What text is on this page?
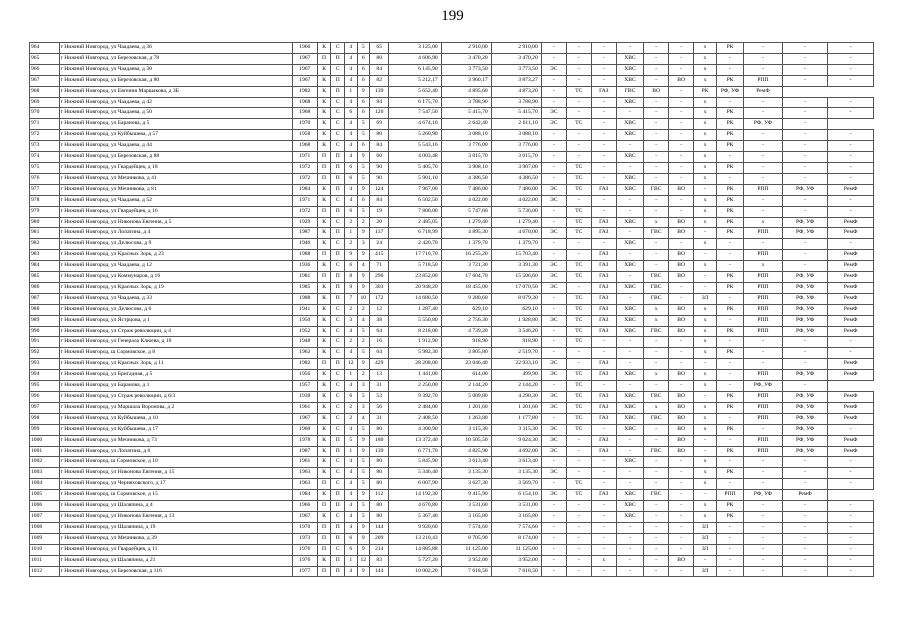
199
964	г Нижний Новгород, ул Чаадаева, д 36	1966	К	С	4	5	65	3 125,00	2 910,00	2 910,00	-	-	-	-	-	-	х	РК	-	-	-
965	г Нижний Новгород, ул Березовская, д 78	1967	П	П	4	6	80	4 606,90	3 470,20	3 470,20	-	-	-	ХВС	-	-	х	-	-	-	-
966	г Нижний Новгород, ул Чаадаева, д 30	1967	К	С	4	6	84	6 145,90	3 773,50	3 773,50	ЭС	-	-	ХВС	-	-	х	-	-	-	-
967	г Нижний Новгород, ул Березовская, д 80	1967	К	П	4	6	82	5 212,17	3 960,17	3 873,27	-	-	-	ХВС	-	ВО	х	РК	РПП	-	-
968	г Нижний Новгород, ул Евгения Маршакова, д 3Б	1982	К	П	1	9	139	5 652,40	4 895,60	4 873,20	-	ТС	ГАЗ	ГВС	ВО	-	РК	РФ, УФ	РемФ		
969	г Нижний Новгород, ул Чаадаева, д 42	1968	К	С	4	6	84	6 175,70	3 788,90	3 788,90	-	-	-	ХВС	-	-	х	-	-	-	-
970	г Нижний Новгород, ул Чаадаева, д 50	1968	К	С	6	6	120	7 547,50	5 415,70	5 415,70	ЭС	-	-	-	-	-	х	РК	-	-	-
971	г Нижний Новгород, ул Баранова, д 5	1970	К	С	4	5	69	4 674,10	2 642,40	2 611,10	ЭС	ТС	-	ХВС	-	-	х	РК	РФ, УФ	-	
972	г Нижний Новгород, ул Куйбышева, д 57	1958	К	С	4	5	80	5 260,90	3 088,10	3 088,10	-	-	-	ХВС	-	-	х	РК	-	-	-
973	г Нижний Новгород, ул Чаадаева, д 44	1968	К	С	4	6	84	5 543,16	3 776,00	3 776,00	-	-	-	-	-	-	х	РК	-	-	-
974	г Нижний Новгород, ул Березовская, д 88	1971	П	П	4	9	60	4 003,48	3 015,70	3 015,70	-	-	-	ХВС	-	-	х	-	-	-	-
975	г Нижний Новгород, ул Гвардейцев, д 18	1972	П	П	6	5	90	5 405,70	3 908,10	3 907,00	-	ТС	-	-	-	-	х	РК	-	-	-
976	г Нижний Новгород, ул Мечникова, д 41	1972	П	П	6	5	90	5 901,10	4 386,50	4 386,50	-	ТС	-	ХВС	-	-	х	-	-	-	-
977	г Нижний Новгород, ул Мечникова, д 81	1984	К	П	4	9	124	7 967,00	7 486,00	7 486,00	ЭС	ТС	ГАЗ	ХВС	ГВС	ВО	-	РК	РПП	РФ, УФ	РемФ
978	г Нижний Новгород, ул Чаадаева, д 52	1971	К	С	4	6	84	6 502,50	4 022,00	4 022,00	ЭС	-	-	-	-	-	х	РК	-	-	-
979	г Нижний Новгород, ул Гвардейцев, д 16	1972	П	П	6	5	19	7 800,00	5 747,60	5 736,00	-	ТС	-	-	-	-	х	РК	-	-	-
980	г Нижний Новгород, ул Никонова Евгения, д 5	1929	К	С	2	2	20	2 485,05	1 279,40	1 279,40	-	ТС	ГАЗ	ХВС	х	ВО	х	РК	х	РФ, УФ	РемФ
981	г Нижний Новгород, ул Лопатина, д 4	1987	К	П	1	9	137	6 718,99	4 895,30	4 670,00	ЭС	ТС	ГАЗ	-	ГВС	ВО	-	РК	РПП	РФ, УФ	РемФ
982	г Нижний Новгород, ул Делюсова, д 9	1946	К	С	2	3	24	2 420,70	1 379,70	1 379,70	-	-	-	ХВС	-	-	х	-	-	-	-
983	г Нижний Новгород, ул Красных Зорь, д 23	1988	П	П	9	9	415	17 710,70	16 255,20	15 703,40	-	-	ГАЗ	-	-	ВО	-	-	РПП	-	РемФ
984	г Нижний Новгород, ул Чаадаева, д 12	1936	К	С	6	4	71	5 718,50	3 721,30	3 391,30	ЭС	ТС	ГАЗ	ХВС	-	ВО	х	-	х	-	РемФ
985	г Нижний Новгород, ул Коммунаров, д 16	1981	П	П	8	9	290	23 852,00	17 604,70	15 506,60	ЭС	ТС	ГАЗ	-	ГВС	ВО	-	РК	РПП	РФ, УФ	РемФ
986	г Нижний Новгород, ул Красных Зорь, д 19	1985	К	П	9	9	303	20 948,20	18 455,00	17 070,50	ЭС	-	ГАЗ	ХВС	ГВС	-	-	РК	РПП	РФ, УФ	РемФ
987	г Нижний Новгород, ул Чаадаева, д 33	1988	К	П	7	10	172	14 680,50	9 280,60	8 079,30	-	ТС	ГАЗ	-	ГВС	-	ЗЛ	-	РПП	РФ, УФ	РемФ
988	г Нижний Новгород, ул Делюсова, д 6	1941	К	С	2	2	12	1 287,40	629,10	629,10	-	ТС	ГАЗ	ХВС	х	ВО	х	РК	РПП	РФ, УФ	РемФ
989	г Нижний Новгород, ул Ястрцова, д 1	1950	К	С	3	4	38	5 550,80	2 756,30	1 928,80	ЭС	ТС	ГАЗ	ХВС	х	ВО	х	-	РПП	РФ, УФ	РемФ
990	г Нижний Новгород, ул Страж революции, д 4	1952	К	С	4	5	64	8 218,00	4 739,20	3 546,20	-	ТС	ГАЗ	ХВС	ГВС	ВО	х	РК	РПП	РФ, УФ	РемФ
991	г Нижний Новгород, ул Генерала Клюева, д 10	1948	К	С	2	2	16	1 912,90	918,90	918,90	-	ТС	-	-	-	-	х	-	-	-	-
992	г Нижний Новгород, ш Сормовское, д 8	1962	К	С	4	5	64	5 982,30	3 805,80	2 519,70	-	-	-	-	-	-	х	РК	-	-	-
993	г Нижний Новгород, ул Красных Зорь, д 11	1982	П	П	12	9	429	28 208,00	23 046,40	22 933,10	ЭС	-	ГАЗ	-	-	-	-	-	-	-	РемФ
994	г Нижний Новгород, ул Бригадная, д 5	1956	К	С	1	2	13	1 441,00	614,00	499,90	ЭС	ТС	ГАЗ	ХВС	х	ВО	х	-	РПП	РФ, УФ	РемФ
995	г Нижний Новгород, ул Баранова, д 1	1957	К	С	4	3	31	2 250,00	2 144,20	2 144,20	-	ТС	-	-	-	-	х	-	РФ, УФ	-	
996	г Нижний Новгород, ул Страж революции, д 6/3	1938	К	С	6	5	53	9 392,70	5 009,80	4 290,30	ЭС	ТС	ГАЗ	ХВС	ГВС	ВО	-	РК	РПП	РФ, УФ	РемФ
997	г Нижний Новгород, ул Маршала Воронова, д 2	1961	К	С	2	3	56	2 484,00	1 201,60	1 201,60	ЭС	ТС	ГАЗ	ХВС	х	ВО	х	РК	РПП	РФ, УФ	РемФ
998	г Нижний Новгород, ул Куйбышева, д 10	1967	К	С	2	4	31	2 408,50	1 263,80	1 177,80	-	ТС	ГАЗ	ХВС	ГВС	ВО	х	-	РПП	РФ, УФ	РемФ
999	г Нижний Новгород, ул Куйбышева, д 17	1960	К	С	4	5	80	4 300,90	3 115,30	3 115,30	ЭС	ТС	-	ХВС	-	ВО	х	РК	-	РФ, УФ	-
1000	г Нижний Новгород, ул Мечникова, д 73	1978	К	П	5	9	180	13 372,40	10 505,50	9 024,30	ЭС	-	ГАЗ	-	-	ВО	-	-	РПП	РФ, УФ	РемФ
1001	г Нижний Новгород, ул Лопатина, д 6	1987	К	П	1	9	139	6 771,70	4 825,90	4 692,00	ЭС	-	ГАЗ	-	ГВС	ВО	-	РК	РПП	РФ, УФ	РемФ
1002	г Нижний Новгород, ш Сормовское, д 10	1961	К	С	4	5	80	5 845,90	3 613,40	3 613,40	-	-	-	ХВС	-	-	х	-	-	-	-
1003	г Нижний Новгород, ул Никонова Евгения, д 15	1963	К	С	4	5	80	5 346,40	3 135,30	3 135,30	ЭС	-	-	-	-	-	х	РК	-	-	-
1004	г Нижний Новгород, ул Черняховского, д 17	1963	П	С	4	5	80	6 007,90	3 627,30	3 569,70	-	ТС	-	-	-	-	х	-	-	-	-
1005	г Нижний Новгород, ш Сормовское, д 15	1984	К	П	4	9	112	14 192,30	9 415,90	6 154,10	ЭС	ТС	ГАЗ	ХВС	ГВС	-	-	РПП	РФ, УФ	РемФ	
1006	г Нижний Новгород, ул Шаляпина, д 4	1966	П	П	4	5	80	4 670,80	3 531,60	3 531,00	-	-	-	ХВС	-	-	х	РК	-	-	-
1007	г Нижний Новгород, ул Никонова Евгения, д 13	1967	К	С	4	5	80	5 367,40	3 165,80	3 165,80	-	-	-	ХВС	-	-	х	РК	-	-	-
1008	г Нижний Новгород, ул Шаляпина, д 19	1970	П	П	4	9	144	9 920,60	7 574,60	7 574,60	-	-	-	-	-	-	ЗЛ	-	-	-	-
1009	г Нижний Новгород, ул Мечникова, д 39	1973	П	П	6	9	209	13 210,43	8 705,90	8 174,00	-	-	-	-	-	-	ЗЛ	-	-	-	-
1010	г Нижний Новгород, ул Гвардейцев, д 11	1976	П	С	6	9	214	14 885,88	11 125,00	11 125,00	-	-	-	-	-	-	ЗЛ	-	-	-	-
1011	г Нижний Новгород, ул Шаляпина, д 21	1976	К	П	1	12	83	5 727,20	3 952,00	3 952,00	-	-	х	-	-	ВО	-	-	-	-	-
1012	г Нижний Новгород, ул Березовская, д 116	1977	П	П	4	9	144	10 002,20	7 618,50	7 618,50	-	-	-	-	-	-	ЗЛ	-	-	-	-
